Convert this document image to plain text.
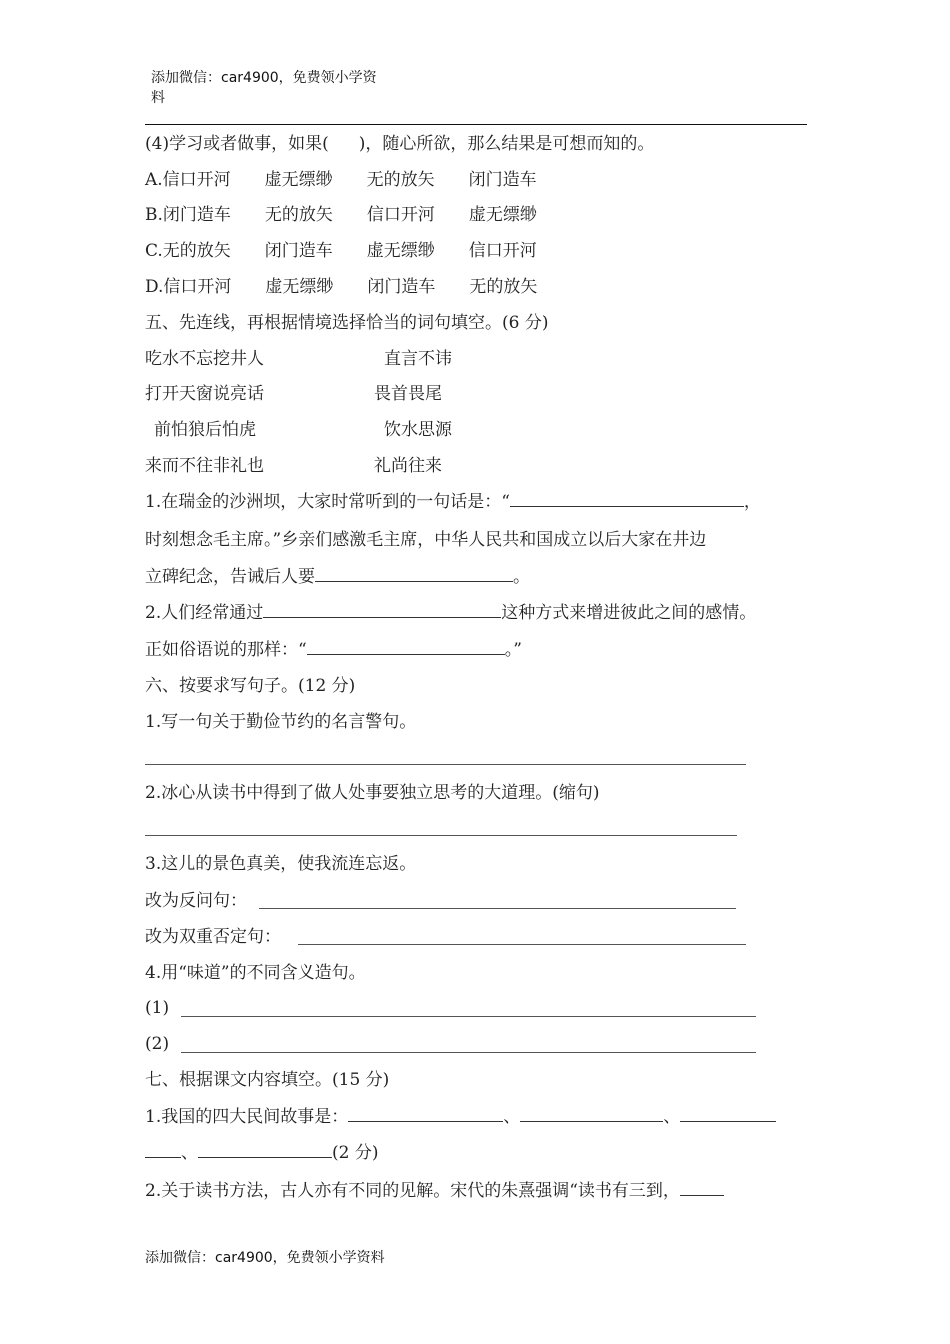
添加微信：car4900，免费领小学资
料
(4)学习或者做事，如果( )，随心所欲，那么结果是可想而知的。
A.信口开河　　虚无缥缈　　无的放矢　　闭门造车
B.闭门造车　　无的放矢　　信口开河　　虚无缥缈
C.无的放矢　　闭门造车　　虚无缥缈　　信口开河
D.信口开河　　虚无缥缈　　闭门造车　　无的放矢
五、先连线，再根据情境选择恰当的词句填空。(6 分)
吃水不忘挖井人	直言不讳
打开天窗说亮话	畏首畏尾
前怕狼后怕虎	饮水思源
来而不往非礼也	礼尚往来
1.在瑞金的沙洲坝，大家时常听到的一句话是：“	，
时刻想念毛主席。”乡亲们感激毛主席，中华人民共和国成立以后大家在井边
立碑纪念，告诫后人要	。
2.人们经常通过	这种方式来增进彼此之间的感情。
正如俗语说的那样：“	。”
六、按要求写句子。(12 分)
1.写一句关于勤俭节约的名言警句。
2.冰心从读书中得到了做人处事要独立思考的大道理。(缩句)
3.这儿的景色真美，使我流连忘返。
改为反问句：
改为双重否定句：
4.用“味道”的不同含义造句。
(1)
(2)
七、根据课文内容填空。(15 分)
1.我国的四大民间故事是：	、	、
、	(2 分)
2.关于读书方法，古人亦有不同的见解。宋代的朱熹强调“读书有三到，
添加微信：car4900，免费领小学资料
